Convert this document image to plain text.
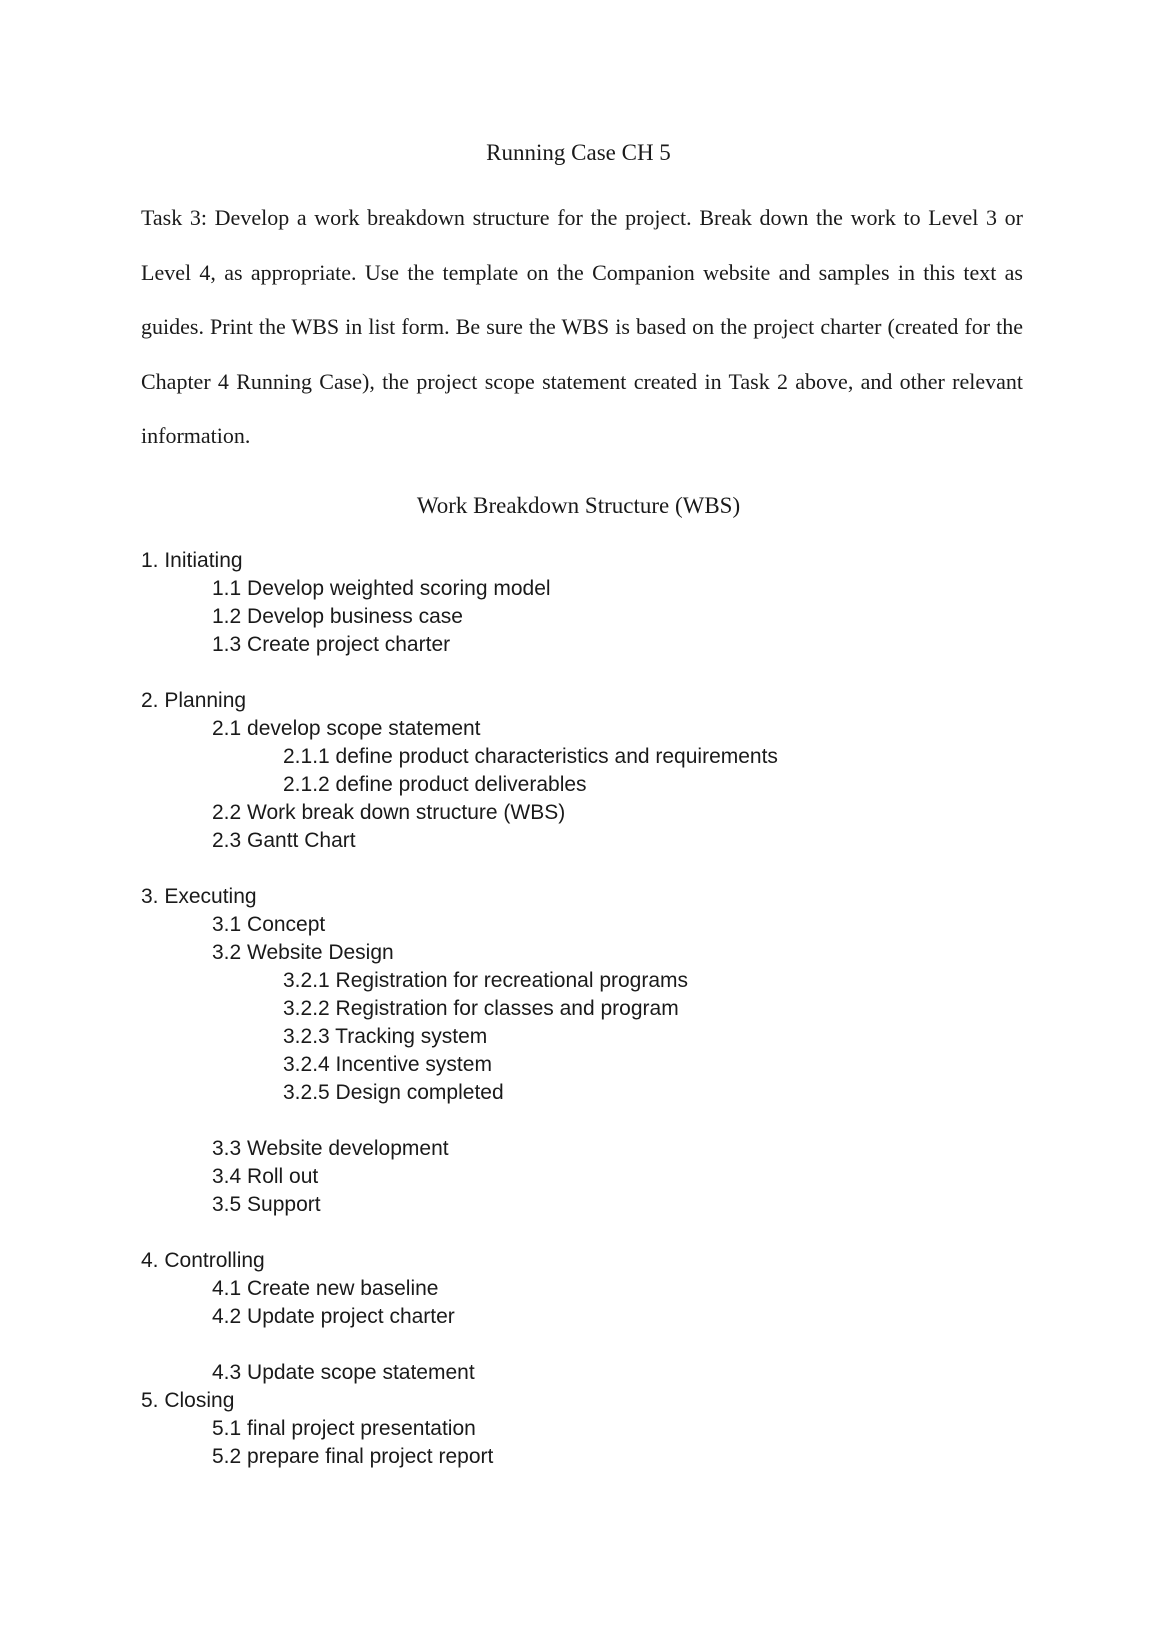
Running Case CH 5

Task 3: Develop a work breakdown structure for the project. Break down the work to Level 3 or Level 4, as appropriate. Use the template on the Companion website and samples in this text as guides. Print the WBS in list form. Be sure the WBS is based on the project charter (created for the Chapter 4 Running Case), the project scope statement created in Task 2 above, and other relevant information.

Work Breakdown Structure (WBS)
1. Initiating
1.1 Develop weighted scoring model
1.2 Develop business case
1.3 Create project charter
2. Planning
2.1 develop scope statement
2.1.1 define product characteristics and requirements
2.1.2 define product deliverables
2.2 Work break down structure (WBS)
2.3 Gantt Chart
3. Executing
3.1 Concept
3.2 Website Design
3.2.1 Registration for recreational programs
3.2.2 Registration for classes and program
3.2.3 Tracking system
3.2.4 Incentive system
3.2.5 Design completed
3.3 Website development
3.4 Roll out
3.5 Support
4. Controlling
4.1 Create new baseline
4.2 Update project charter
4.3 Update scope statement
5. Closing
5.1 final project presentation
5.2 prepare final project report
